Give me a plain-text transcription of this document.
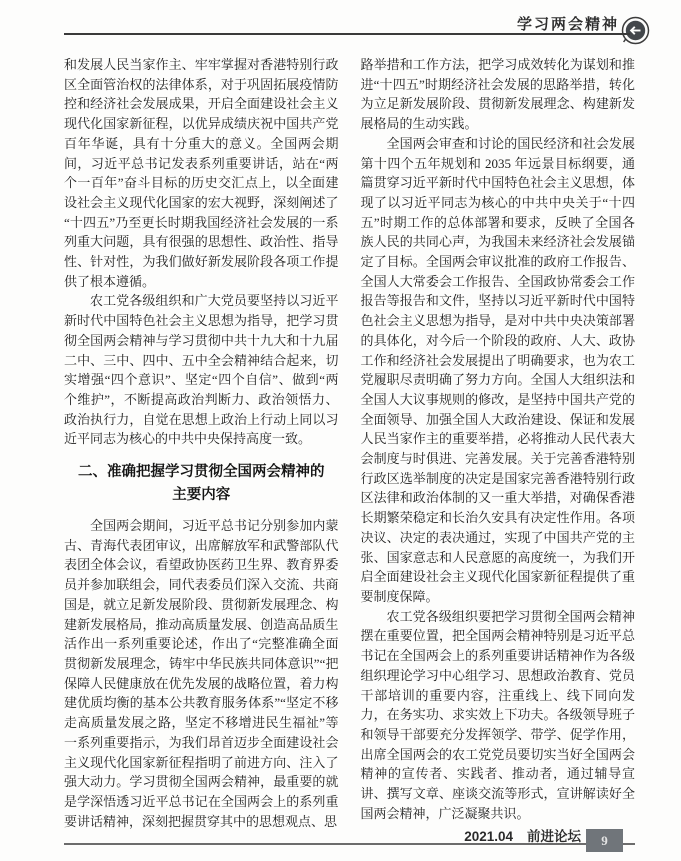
学习两会精神

和发展人民当家作主、牢牢掌握对香港特别行政区全面管治权的法律体系，对于巩固拓展疫情防控和经济社会发展成果，开启全面建设社会主义现代化国家新征程，以优异成绩庆祝中国共产党百年华诞，具有十分重大的意义。全国两会期间，习近平总书记发表系列重要讲话，站在“两个一百年”奋斗目标的历史交汇点上，以全面建设社会主义现代化国家的宏大视野，深刻阐述了“十四五”乃至更长时期我国经济社会发展的一系列重大问题，具有很强的思想性、政治性、指导性、针对性，为我们做好新发展阶段各项工作提供了根本遵循。

农工党各级组织和广大党员要坚持以习近平新时代中国特色社会主义思想为指导，把学习贯彻全国两会精神与学习贯彻中共十九大和十九届二中、三中、四中、五中全会精神结合起来，切实增强“四个意识”、坚定“四个自信”、做到“两个维护”，不断提高政治判断力、政治领悟力、政治执行力，自觉在思想上政治上行动上同以习近平同志为核心的中共中央保持高度一致。

二、准确把握学习贯彻全国两会精神的
主要内容

全国两会期间，习近平总书记分别参加内蒙古、青海代表团审议，出席解放军和武警部队代表团全体会议，看望政协医药卫生界、教育界委员并参加联组会，同代表委员们深入交流、共商国是，就立足新发展阶段、贯彻新发展理念、构建新发展格局，推动高质量发展、创造高品质生活作出一系列重要论述，作出了“完整准确全面贯彻新发展理念，铸牢中华民族共同体意识”“把保障人民健康放在优先发展的战略位置，着力构建优质均衡的基本公共教育服务体系”“坚定不移走高质量发展之路，坚定不移增进民生福祉”等一系列重要指示，为我们昂首迈步全面建设社会主义现代化国家新征程指明了前进方向、注入了强大动力。学习贯彻全国两会精神，最重要的就是学深悟透习近平总书记在全国两会上的系列重要讲话精神，深刻把握贯穿其中的思想观点、思

路举措和工作方法，把学习成效转化为谋划和推进“十四五”时期经济社会发展的思路举措，转化为立足新发展阶段、贯彻新发展理念、构建新发展格局的生动实践。

全国两会审查和讨论的国民经济和社会发展第十四个五年规划和 2035 年远景目标纲要，通篇贯穿习近平新时代中国特色社会主义思想，体现了以习近平同志为核心的中共中央关于“十四五”时期工作的总体部署和要求，反映了全国各族人民的共同心声，为我国未来经济社会发展锚定了目标。全国两会审议批准的政府工作报告、全国人大常委会工作报告、全国政协常委会工作报告等报告和文件，坚持以习近平新时代中国特色社会主义思想为指导，是对中共中央决策部署的具体化，对今后一个阶段的政府、人大、政协工作和经济社会发展提出了明确要求，也为农工党履职尽责明确了努力方向。全国人大组织法和全国人大议事规则的修改，是坚持中国共产党的全面领导、加强全国人大政治建设、保证和发展人民当家作主的重要举措，必将推动人民代表大会制度与时俱进、完善发展。关于完善香港特别行政区选举制度的决定是国家完善香港特别行政区法律和政治体制的又一重大举措，对确保香港长期繁荣稳定和长治久安具有决定性作用。各项决议、决定的表决通过，实现了中国共产党的主张、国家意志和人民意愿的高度统一，为我们开启全面建设社会主义现代化国家新征程提供了重要制度保障。

农工党各级组织要把学习贯彻全国两会精神摆在重要位置，把全国两会精神特别是习近平总书记在全国两会上的系列重要讲话精神作为各级组织理论学习中心组学习、思想政治教育、党员干部培训的重要内容，注重线上、线下同向发力，在务实功、求实效上下功夫。各级领导班子和领导干部要充分发挥领学、带学、促学作用，出席全国两会的农工党党员要切实当好全国两会精神的宣传者、实践者、推动者，通过辅导宣讲、撰写文章、座谈交流等形式，宣讲解读好全国两会精神，广泛凝聚共识。

2021.04 前进论坛	9
